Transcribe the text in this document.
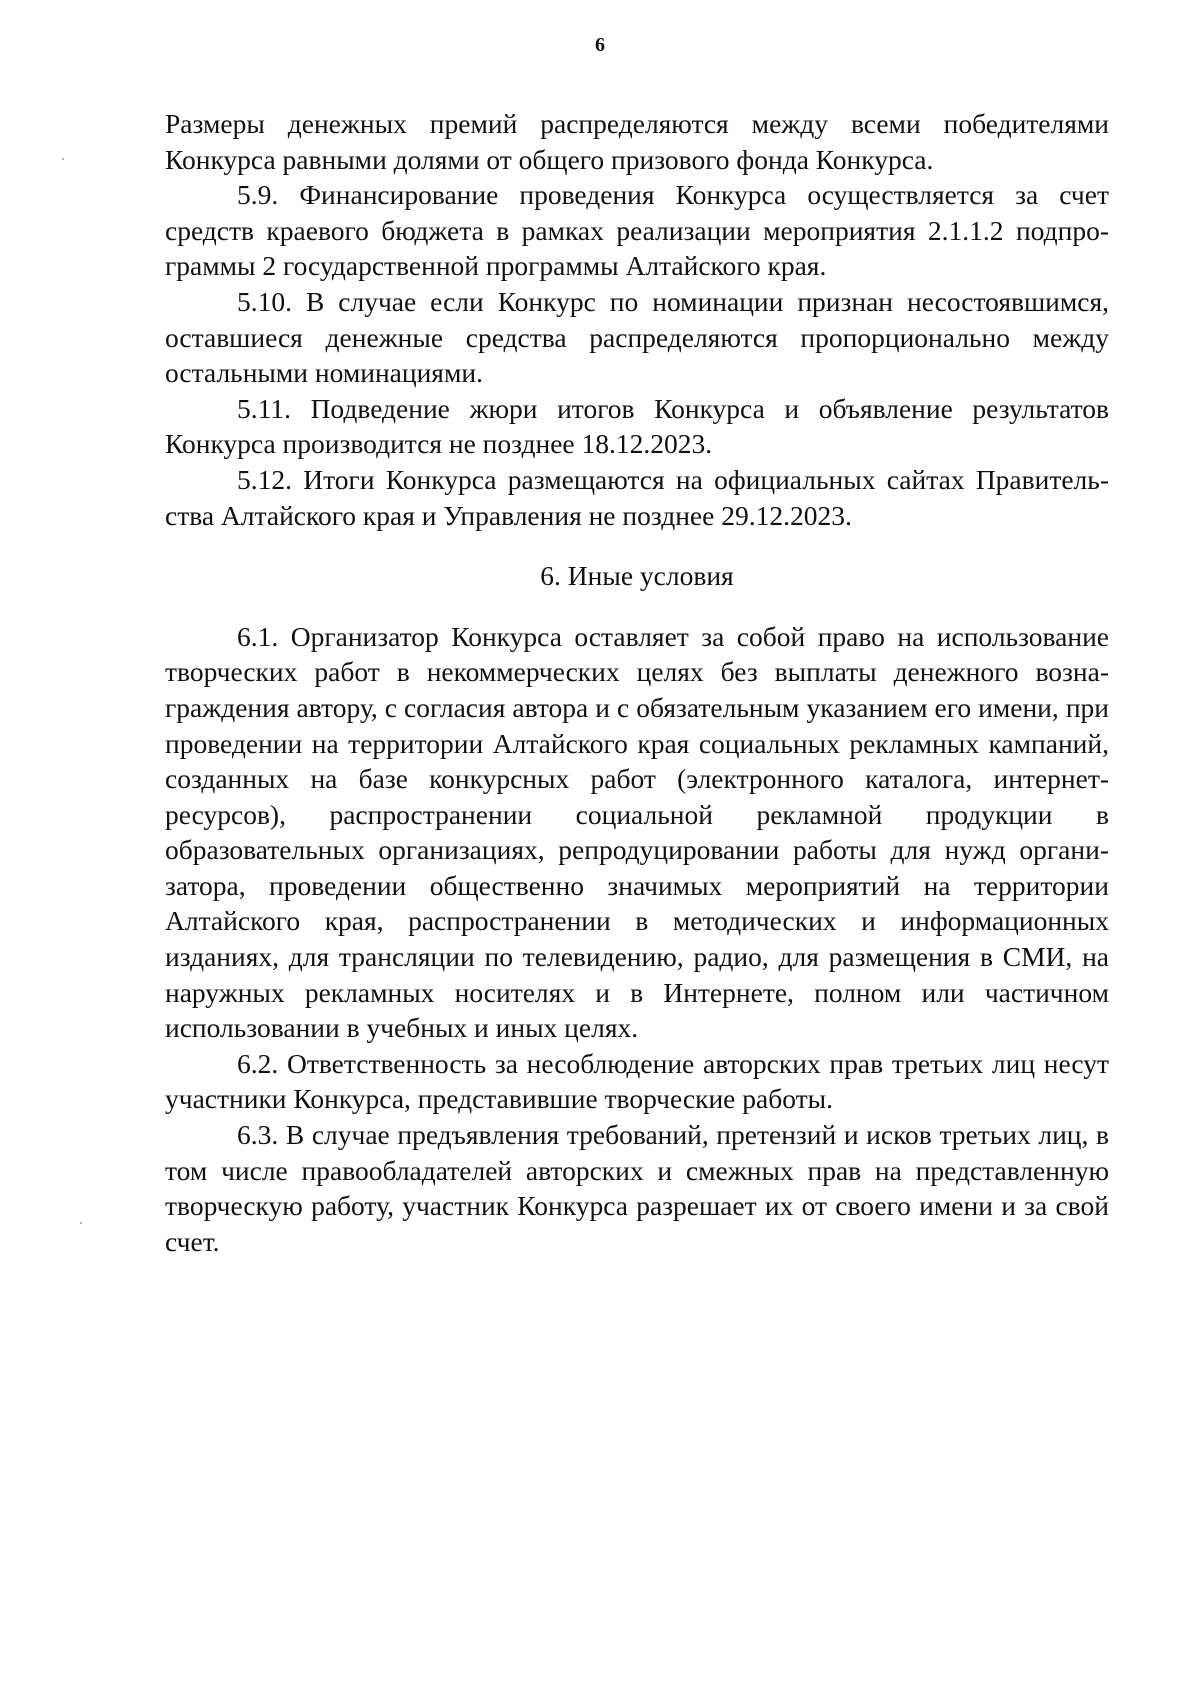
6

Размеры денежных премий распределяются между всеми победителями Конкурса равными долями от общего призового фонда Конкурса.

5.9. Финансирование проведения Конкурса осуществляется за счет средств краевого бюджета в рамках реализации мероприятия 2.1.1.2 подпрограммы 2 государственной программы Алтайского края.

5.10. В случае если Конкурс по номинации признан несостоявшимся, оставшиеся денежные средства распределяются пропорционально между остальными номинациями.

5.11. Подведение жюри итогов Конкурса и объявление результатов Конкурса производится не позднее 18.12.2023.

5.12. Итоги Конкурса размещаются на официальных сайтах Правительства Алтайского края и Управления не позднее 29.12.2023.

6. Иные условия

6.1. Организатор Конкурса оставляет за собой право на использование творческих работ в некоммерческих целях без выплаты денежного вознаграждения автору, с согласия автора и с обязательным указанием его имени, при проведении на территории Алтайского края социальных рекламных кампаний, созданных на базе конкурсных работ (электронного каталога, интернет-ресурсов), распространении социальной рекламной продукции в образовательных организациях, репродуцировании работы для нужд организатора, проведении общественно значимых мероприятий на территории Алтайского края, распространении в методических и информационных изданиях, для трансляции по телевидению, радио, для размещения в СМИ, на наружных рекламных носителях и в Интернете, полном или частичном использовании в учебных и иных целях.

6.2. Ответственность за несоблюдение авторских прав третьих лиц несут участники Конкурса, представившие творческие работы.

6.3. В случае предъявления требований, претензий и исков третьих лиц, в том числе правообладателей авторских и смежных прав на представленную творческую работу, участник Конкурса разрешает их от своего имени и за свой счет.
